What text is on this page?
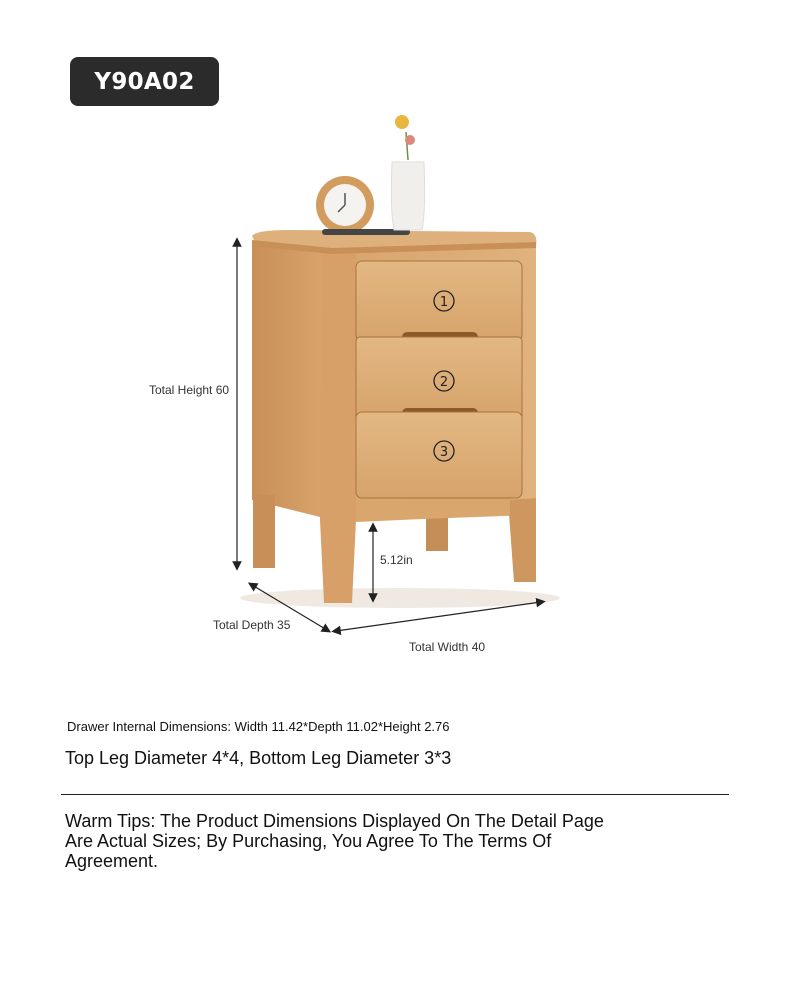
Y90A02
1
2
3
Total Height 60
5.12in
Total Depth 35
Total Width 40
Drawer Internal Dimensions: Width 11.42*Depth 11.02*Height 2.76
Top Leg Diameter 4*4, Bottom Leg Diameter 3*3
Warm Tips: The Product Dimensions Displayed On The Detail Page Are Actual Sizes; By Purchasing, You Agree To The Terms Of Agreement.
